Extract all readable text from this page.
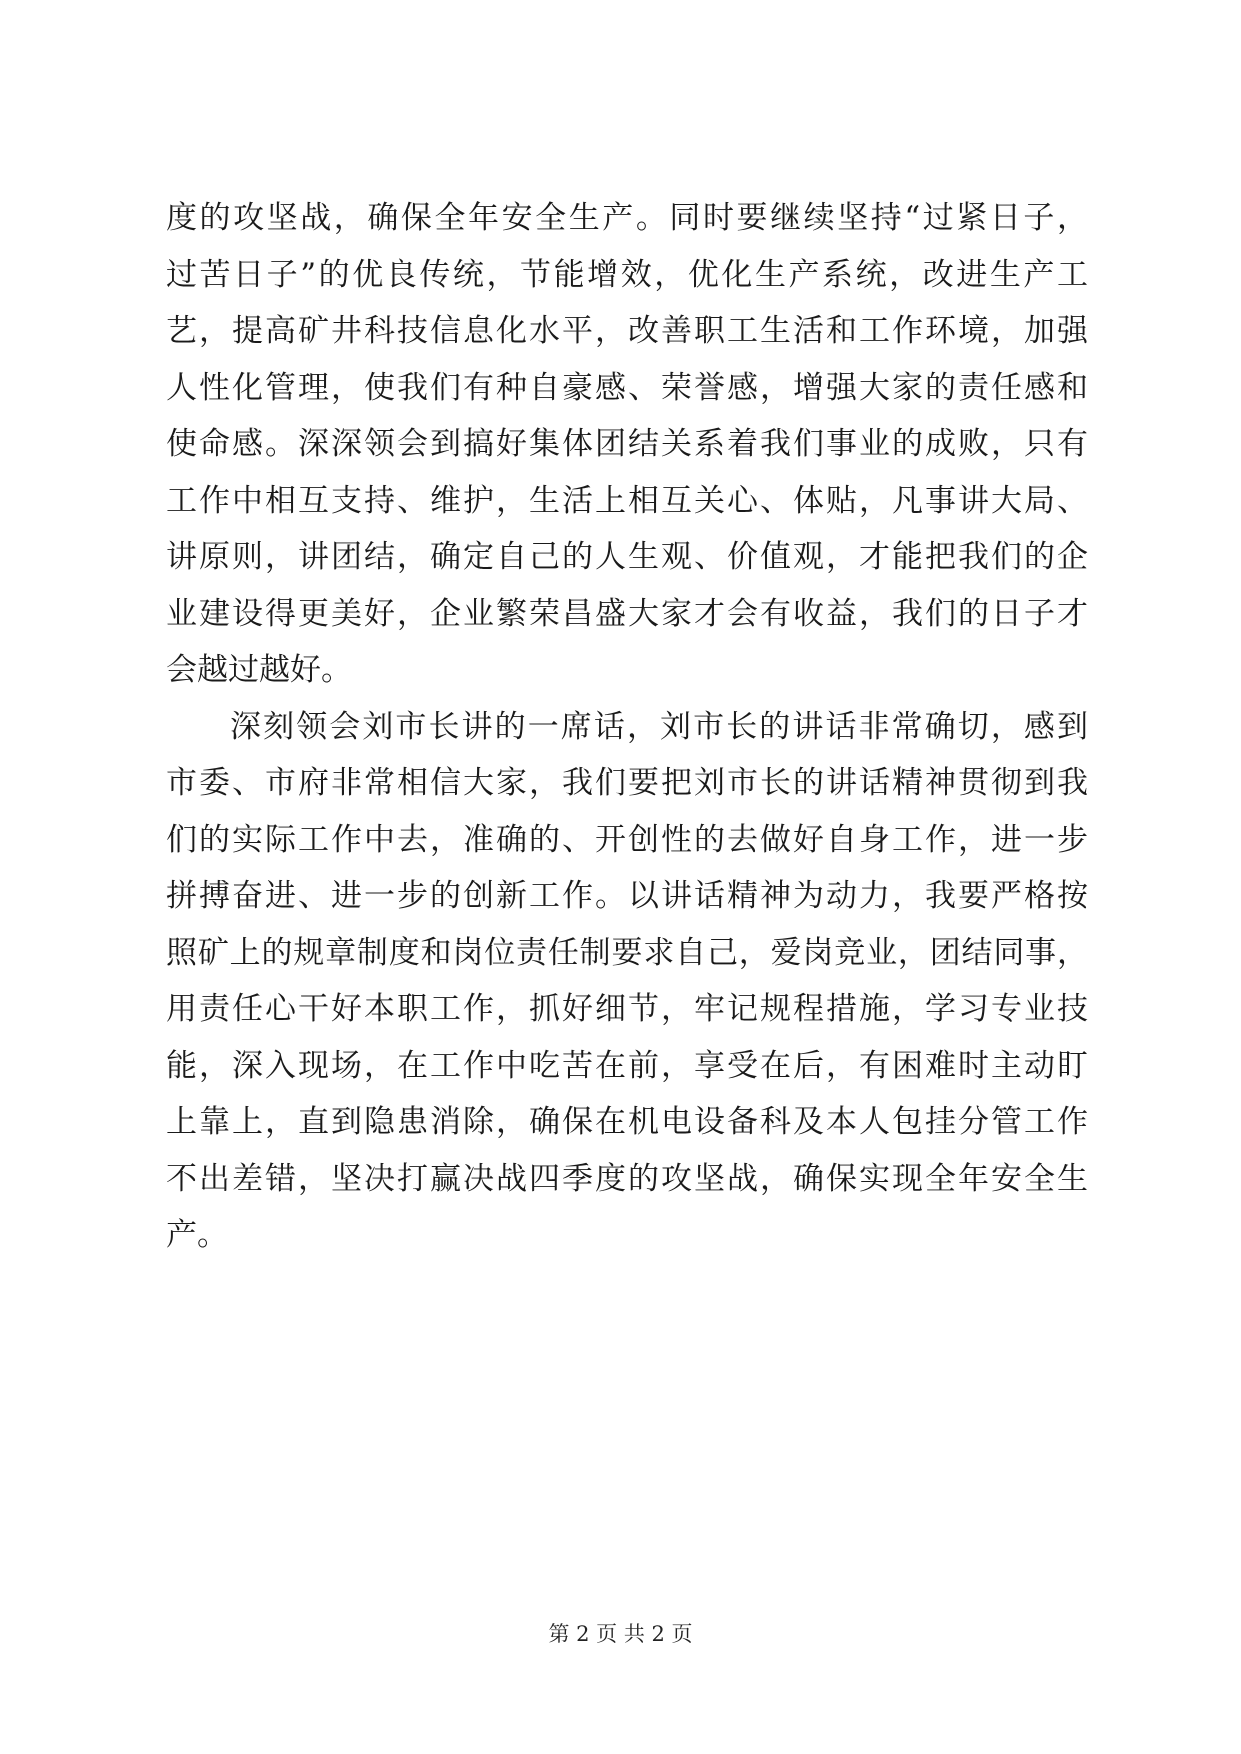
度的攻坚战，确保全年安全生产。同时要继续坚持“过紧日子，
过苦日子”的优良传统，节能增效，优化生产系统，改进生产工
艺，提高矿井科技信息化水平，改善职工生活和工作环境，加强
人性化管理，使我们有种自豪感、荣誉感，增强大家的责任感和
使命感。深深领会到搞好集体团结关系着我们事业的成败，只有
工作中相互支持、维护，生活上相互关心、体贴，凡事讲大局、
讲原则，讲团结，确定自己的人生观、价值观，才能把我们的企
业建设得更美好，企业繁荣昌盛大家才会有收益，我们的日子才
会越过越好。
深刻领会刘市长讲的一席话，刘市长的讲话非常确切，感到
市委、市府非常相信大家，我们要把刘市长的讲话精神贯彻到我
们的实际工作中去，准确的、开创性的去做好自身工作，进一步
拼搏奋进、进一步的创新工作。以讲话精神为动力，我要严格按
照矿上的规章制度和岗位责任制要求自己，爱岗竞业，团结同事，
用责任心干好本职工作，抓好细节，牢记规程措施，学习专业技
能，深入现场，在工作中吃苦在前，享受在后，有困难时主动盯
上靠上，直到隐患消除，确保在机电设备科及本人包挂分管工作
不出差错，坚决打赢决战四季度的攻坚战，确保实现全年安全生
产。
第 2 页 共 2 页
